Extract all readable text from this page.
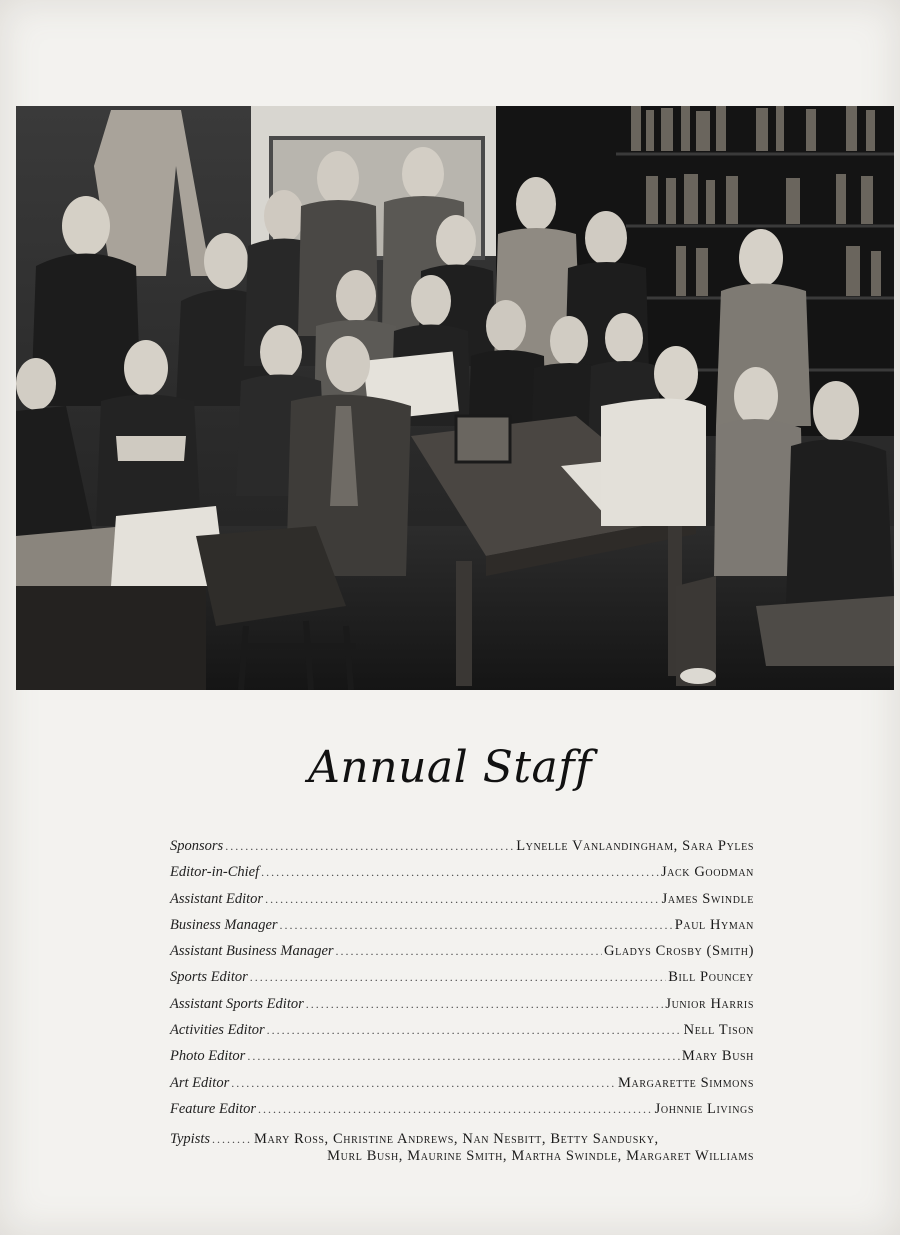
Annual Staff
Sponsors .....	Lynelle Vanlandingham, Sara Pyles
Editor-in-Chief .....	Jack Goodman
Assistant Editor .....	James Swindle
Business Manager .....	Paul Hyman
Assistant Business Manager .....	Gladys Crosby (Smith)
Sports Editor .....	Bill Pouncey
Assistant Sports Editor .....	Junior Harris
Activities Editor .....	Nell Tison
Photo Editor .....	Mary Bush
Art Editor .....	Margarette Simmons
Feature Editor .....	Johnnie Livings
Typists ........ Mary Ross, Christine Andrews, Nan Nesbitt, Betty Sandusky,
Murl Bush, Maurine Smith, Martha Swindle, Margaret Williams
